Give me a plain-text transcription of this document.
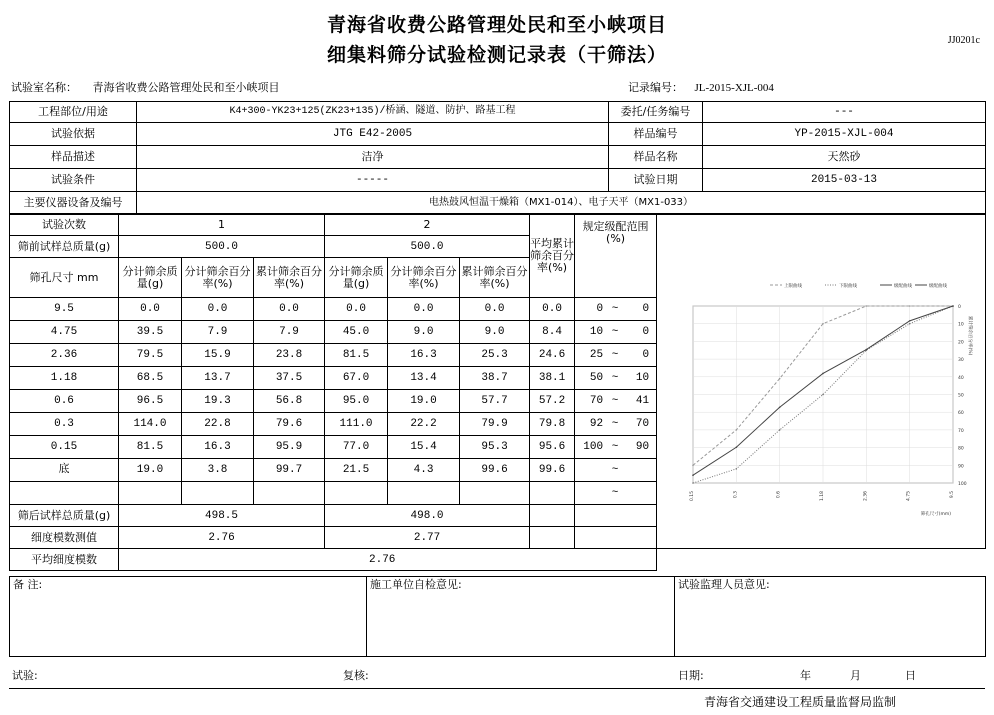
青海省收费公路管理处民和至小峡项目
细集料筛分试验检测记录表（干筛法）
JJ0201c
试验室名称： 青海省收费公路管理处民和至小峡项目	记录编号： JL-2015-XJL-004
工程部位/用途	K4+300-YK23+125(ZK23+135)/桥涵、隧道、防护、路基工程	委托/任务编号	---
试验依据	JTG E42-2005	样品编号	YP-2015-XJL-004
样品描述	洁净	样品名称	天然砂
试验条件	-----	试验日期	2015-03-13
主要仪器设备及编号	电热鼓风恒温干燥箱（MX1-014）、电子天平（MX1-033）		
试验次数	1			2			平均累计筛余百分率(%)	规定级配范围(%)	
筛前试样总质量(g)	500.0			500.0					
筛孔尺寸 mm	分计筛余质量(g)	分计筛余百分率(%)	累计筛余百分率(%)	分计筛余质量(g)	分计筛余百分率(%)	累计筛余百分率(%)			
9.5	0.0	0.0	0.0	0.0	0.0	0.0	0.0	0 ~ 0	
4.75	39.5	7.9	7.9	45.0	9.0	9.0	8.4	10 ~ 0	
2.36	79.5	15.9	23.8	81.5	16.3	25.3	24.6	25 ~ 0	
1.18	68.5	13.7	37.5	67.0	13.4	38.7	38.1	50 ~ 10	
0.6	96.5	19.3	56.8	95.0	19.0	57.7	57.2	70 ~ 41	
0.3	114.0	22.8	79.6	111.0	22.2	79.9	79.8	92 ~ 70	
0.15	81.5	16.3	95.9	77.0	15.4	95.3	95.6	100 ~ 90	
底	19.0	3.8	99.7	21.5	4.3	99.6	99.6	~	
								~	
筛后试样总质量(g)	498.5			498.0					
细度模数测值	2.76			2.77					
平均细度模数	2.76								
0
10
20
30
40
50
60
70
80
90
100
0.15	0.3	0.6	1.18	2.36	4.75	9.5
筛孔尺寸(mm)
累计筛余百分率(%)
上限曲线	下限曲线	级配曲线	级配曲线
备 注:	施工单位自检意见:	试验监理人员意见:
试验:	复核:	日期:	年	月	日
青海省交通建设工程质量监督局监制
